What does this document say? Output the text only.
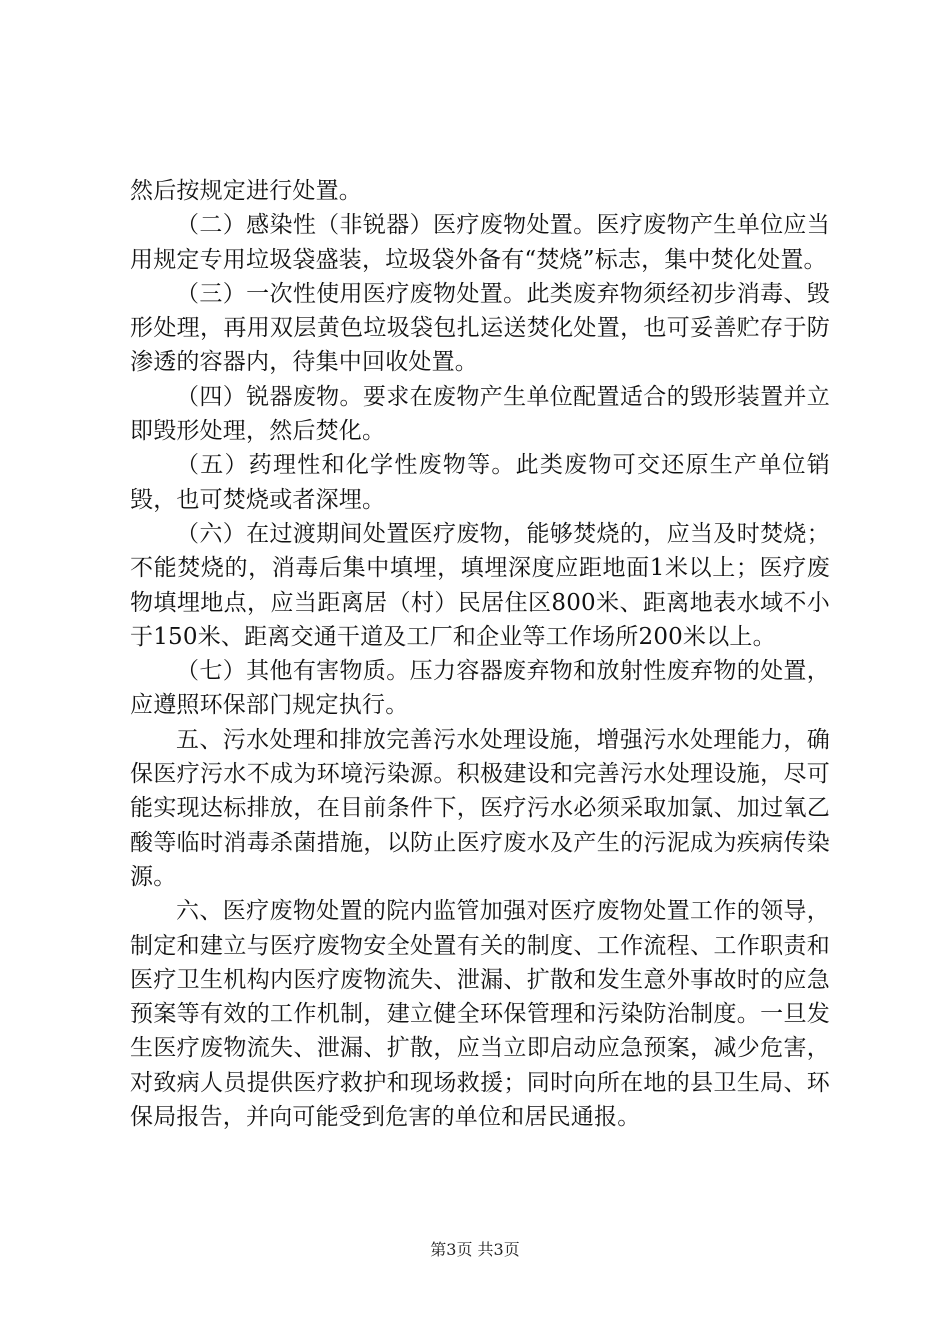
然后按规定进行处置。

（二）感染性（非锐器）医疗废物处置。医疗废物产生单位应当用规定专用垃圾袋盛装，垃圾袋外备有“焚烧”标志，集中焚化处置。

（三）一次性使用医疗废物处置。此类废弃物须经初步消毒、毁形处理，再用双层黄色垃圾袋包扎运送焚化处置，也可妥善贮存于防渗透的容器内，待集中回收处置。

（四）锐器废物。要求在废物产生单位配置适合的毁形装置并立即毁形处理，然后焚化。

（五）药理性和化学性废物等。此类废物可交还原生产单位销毁，也可焚烧或者深埋。

（六）在过渡期间处置医疗废物，能够焚烧的，应当及时焚烧；不能焚烧的，消毒后集中填埋，填埋深度应距地面1米以上；医疗废物填埋地点，应当距离居（村）民居住区800米、距离地表水域不小于150米、距离交通干道及工厂和企业等工作场所200米以上。

（七）其他有害物质。压力容器废弃物和放射性废弃物的处置，应遵照环保部门规定执行。

五、污水处理和排放完善污水处理设施，增强污水处理能力，确保医疗污水不成为环境污染源。积极建设和完善污水处理设施，尽可能实现达标排放，在目前条件下，医疗污水必须采取加氯、加过氧乙酸等临时消毒杀菌措施，以防止医疗废水及产生的污泥成为疾病传染源。

六、医疗废物处置的院内监管加强对医疗废物处置工作的领导，制定和建立与医疗废物安全处置有关的制度、工作流程、工作职责和医疗卫生机构内医疗废物流失、泄漏、扩散和发生意外事故时的应急预案等有效的工作机制，建立健全环保管理和污染防治制度。一旦发生医疗废物流失、泄漏、扩散，应当立即启动应急预案，减少危害，对致病人员提供医疗救护和现场救援；同时向所在地的县卫生局、环保局报告，并向可能受到危害的单位和居民通报。

第3页 共3页
